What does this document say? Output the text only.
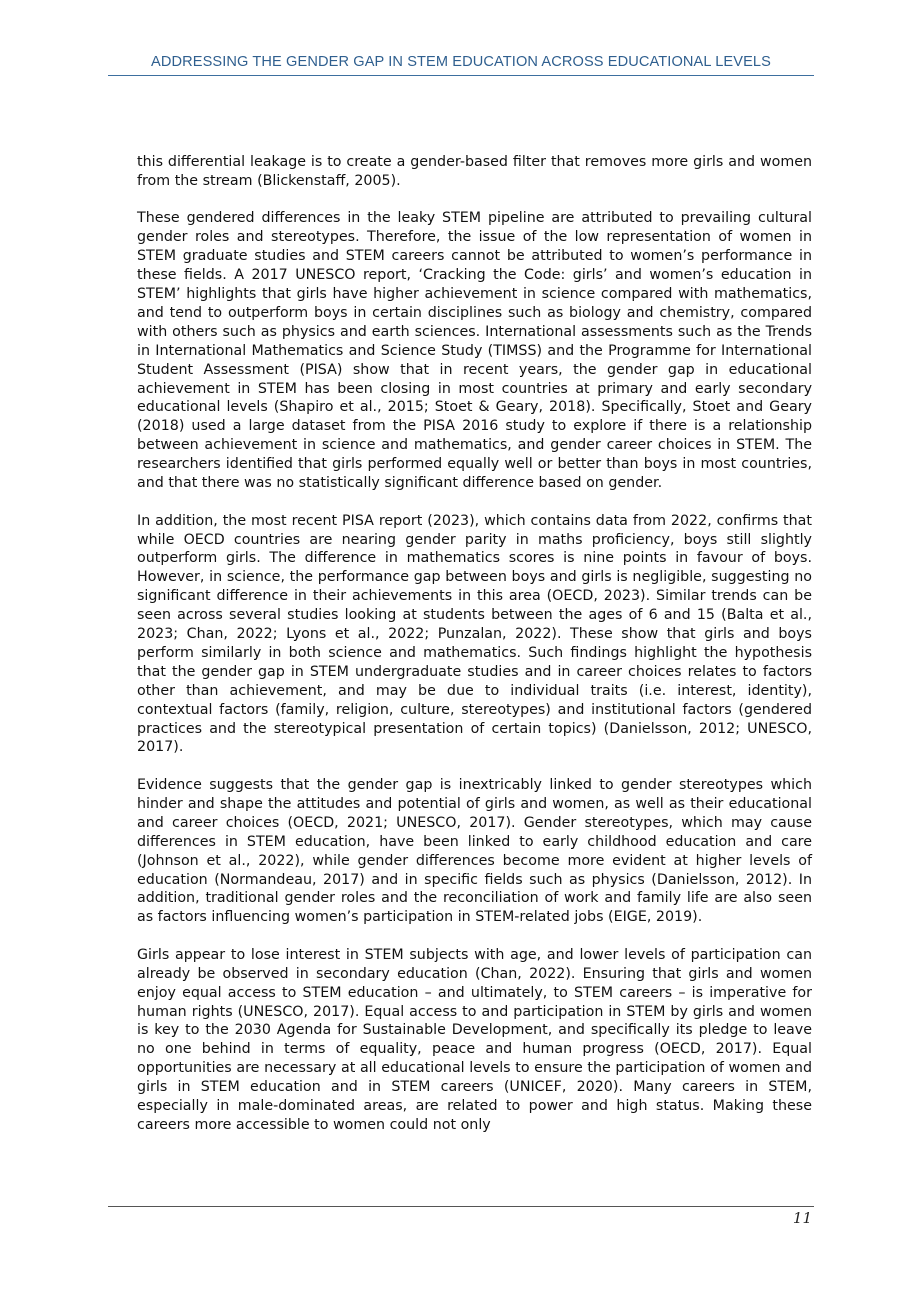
ADDRESSING THE GENDER GAP IN STEM EDUCATION ACROSS EDUCATIONAL LEVELS

this differential leakage is to create a gender-based filter that removes more girls and women from the stream (Blickenstaff, 2005).

These gendered differences in the leaky STEM pipeline are attributed to prevailing cultural gender roles and stereotypes. Therefore, the issue of the low representation of women in STEM graduate studies and STEM careers cannot be attributed to women’s performance in these fields. A 2017 UNESCO report, ‘Cracking the Code: girls’ and women’s education in STEM’ highlights that girls have higher achievement in science compared with mathematics, and tend to outperform boys in certain disciplines such as biology and chemistry, compared with others such as physics and earth sciences. International assessments such as the Trends in International Mathematics and Science Study (TIMSS) and the Programme for International Student Assessment (PISA) show that in recent years, the gender gap in educational achievement in STEM has been closing in most countries at primary and early secondary educational levels (Shapiro et al., 2015; Stoet & Geary, 2018). Specifically, Stoet and Geary (2018) used a large dataset from the PISA 2016 study to explore if there is a relationship between achievement in science and mathematics, and gender career choices in STEM. The researchers identified that girls performed equally well or better than boys in most countries, and that there was no statistically significant difference based on gender.

In addition, the most recent PISA report (2023), which contains data from 2022, confirms that while OECD countries are nearing gender parity in maths proficiency, boys still slightly outperform girls. The difference in mathematics scores is nine points in favour of boys. However, in science, the performance gap between boys and girls is negligible, suggesting no significant difference in their achievements in this area (OECD, 2023). Similar trends can be seen across several studies looking at students between the ages of 6 and 15 (Balta et al., 2023; Chan, 2022; Lyons et al., 2022; Punzalan, 2022). These show that girls and boys perform similarly in both science and mathematics. Such findings highlight the hypothesis that the gender gap in STEM undergraduate studies and in career choices relates to factors other than achievement, and may be due to individual traits (i.e. interest, identity), contextual factors (family, religion, culture, stereotypes) and institutional factors (gendered practices and the stereotypical presentation of certain topics) (Danielsson, 2012; UNESCO, 2017).

Evidence suggests that the gender gap is inextricably linked to gender stereotypes which hinder and shape the attitudes and potential of girls and women, as well as their educational and career choices (OECD, 2021; UNESCO, 2017). Gender stereotypes, which may cause differences in STEM education, have been linked to early childhood education and care (Johnson et al., 2022), while gender differences become more evident at higher levels of education (Normandeau, 2017) and in specific fields such as physics (Danielsson, 2012). In addition, traditional gender roles and the reconciliation of work and family life are also seen as factors influencing women’s participation in STEM-related jobs (EIGE, 2019).

Girls appear to lose interest in STEM subjects with age, and lower levels of participation can already be observed in secondary education (Chan, 2022). Ensuring that girls and women enjoy equal access to STEM education – and ultimately, to STEM careers – is imperative for human rights (UNESCO, 2017). Equal access to and participation in STEM by girls and women is key to the 2030 Agenda for Sustainable Development, and specifically its pledge to leave no one behind in terms of equality, peace and human progress (OECD, 2017). Equal opportunities are necessary at all educational levels to ensure the participation of women and girls in STEM education and in STEM careers (UNICEF, 2020). Many careers in STEM, especially in male-dominated areas, are related to power and high status. Making these careers more accessible to women could not only

11
